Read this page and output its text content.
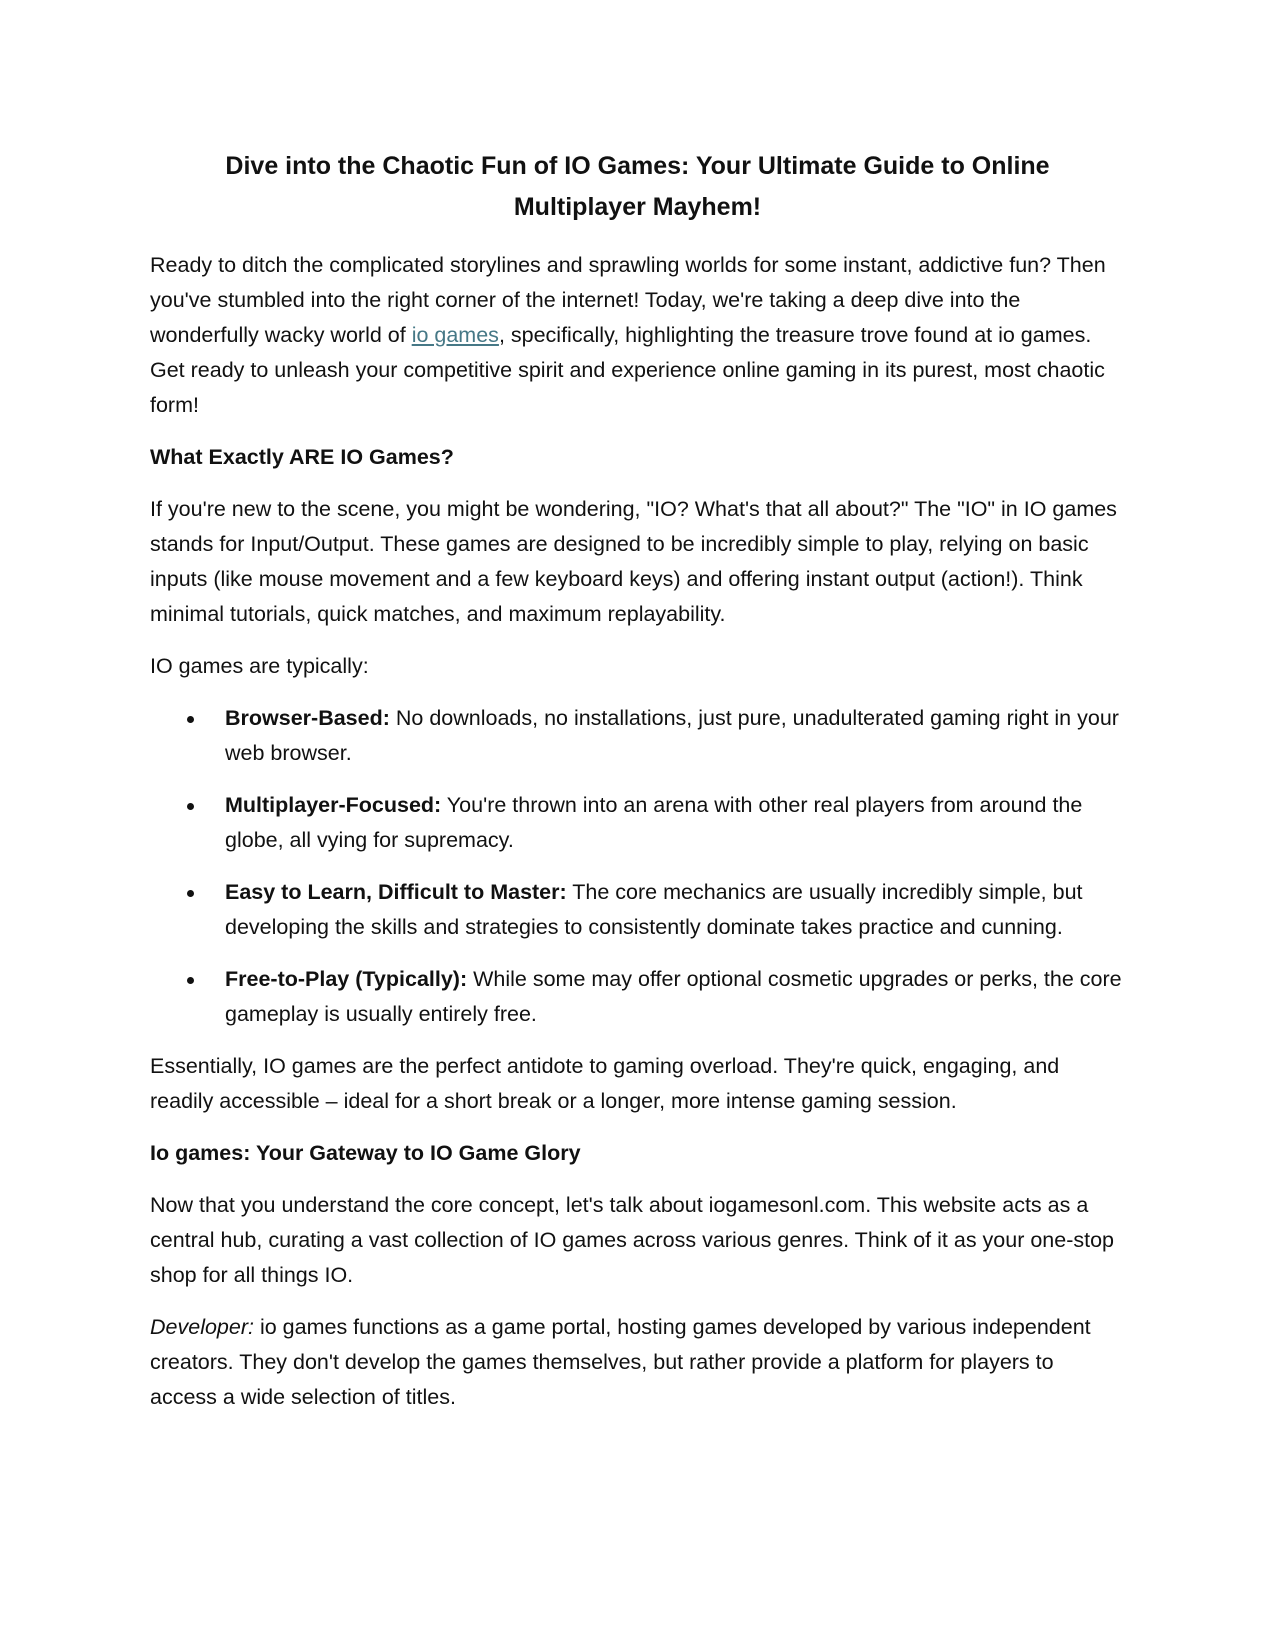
Dive into the Chaotic Fun of IO Games: Your Ultimate Guide to Online Multiplayer Mayhem!

Ready to ditch the complicated storylines and sprawling worlds for some instant, addictive fun? Then you've stumbled into the right corner of the internet! Today, we're taking a deep dive into the wonderfully wacky world of io games, specifically, highlighting the treasure trove found at io games. Get ready to unleash your competitive spirit and experience online gaming in its purest, most chaotic form!

What Exactly ARE IO Games?

If you're new to the scene, you might be wondering, "IO? What's that all about?" The "IO" in IO games stands for Input/Output. These games are designed to be incredibly simple to play, relying on basic inputs (like mouse movement and a few keyboard keys) and offering instant output (action!). Think minimal tutorials, quick matches, and maximum replayability.

IO games are typically:

Browser-Based: No downloads, no installations, just pure, unadulterated gaming right in your web browser.
Multiplayer-Focused: You're thrown into an arena with other real players from around the globe, all vying for supremacy.
Easy to Learn, Difficult to Master: The core mechanics are usually incredibly simple, but developing the skills and strategies to consistently dominate takes practice and cunning.
Free-to-Play (Typically): While some may offer optional cosmetic upgrades or perks, the core gameplay is usually entirely free.

Essentially, IO games are the perfect antidote to gaming overload. They're quick, engaging, and readily accessible – ideal for a short break or a longer, more intense gaming session.

Io games: Your Gateway to IO Game Glory

Now that you understand the core concept, let's talk about iogamesonl.com. This website acts as a central hub, curating a vast collection of IO games across various genres. Think of it as your one-stop shop for all things IO.

Developer: io games functions as a game portal, hosting games developed by various independent creators. They don't develop the games themselves, but rather provide a platform for players to access a wide selection of titles.
